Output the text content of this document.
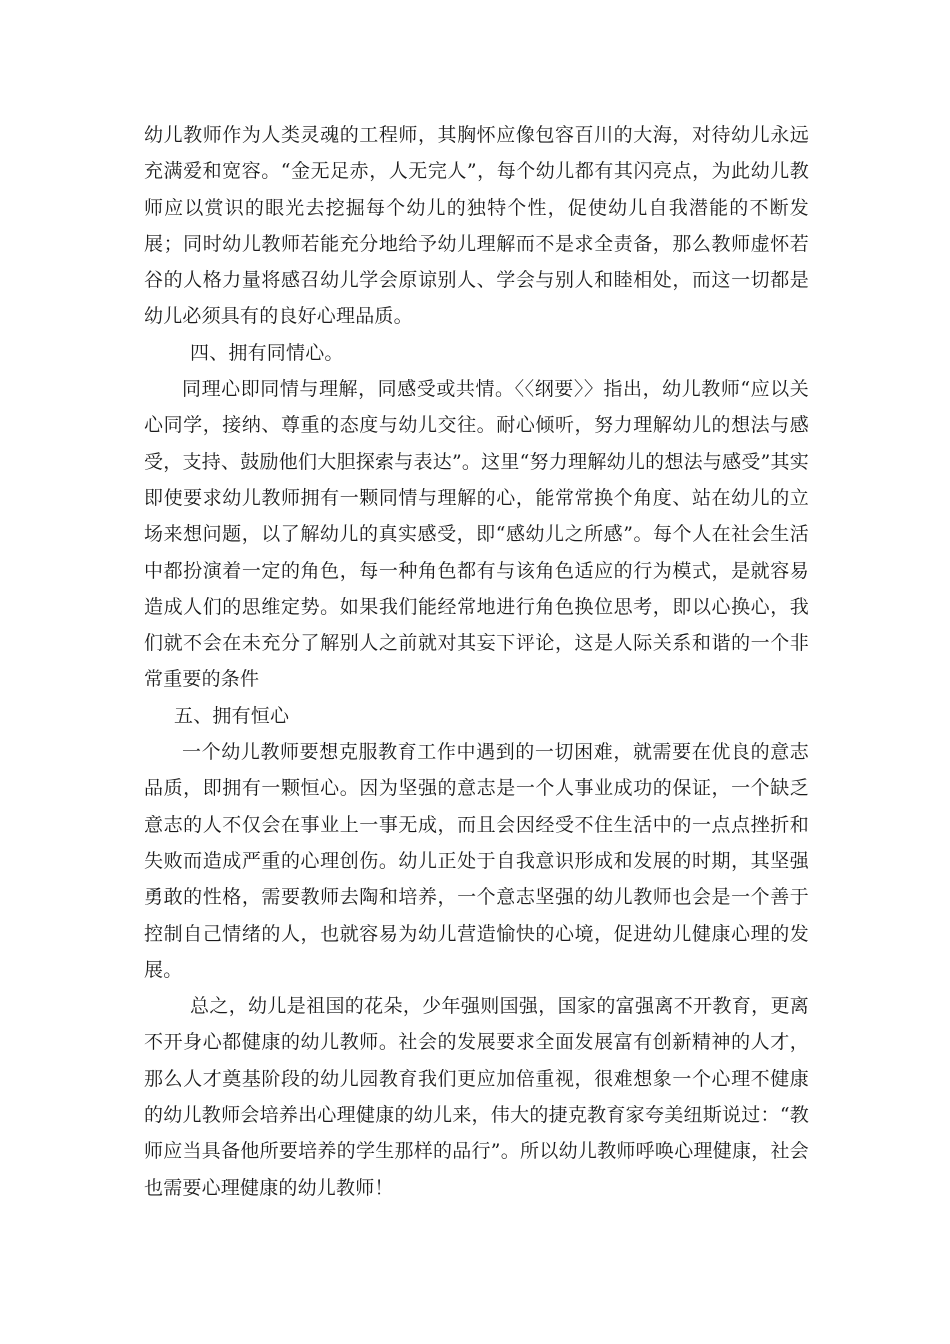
幼儿教师作为人类灵魂的工程师，其胸怀应像包容百川的大海，对待幼儿永远充满爱和宽容。“金无足赤，人无完人”，每个幼儿都有其闪亮点，为此幼儿教师应以赏识的眼光去挖掘每个幼儿的独特个性，促使幼儿自我潜能的不断发展；同时幼儿教师若能充分地给予幼儿理解而不是求全责备，那么教师虚怀若谷的人格力量将感召幼儿学会原谅别人、学会与别人和睦相处，而这一切都是幼儿必须具有的良好心理品质。

四、拥有同情心。

同理心即同情与理解，同感受或共情。〈〈纲要〉〉指出，幼儿教师“应以关心同学，接纳、尊重的态度与幼儿交往。耐心倾听，努力理解幼儿的想法与感受，支持、鼓励他们大胆探索与表达”。这里“努力理解幼儿的想法与感受”其实即使要求幼儿教师拥有一颗同情与理解的心，能常常换个角度、站在幼儿的立场来想问题，以了解幼儿的真实感受，即“感幼儿之所感”。每个人在社会生活中都扮演着一定的角色，每一种角色都有与该角色适应的行为模式，是就容易造成人们的思维定势。如果我们能经常地进行角色换位思考，即以心换心，我们就不会在未充分了解别人之前就对其妄下评论，这是人际关系和谐的一个非常重要的条件

五、拥有恒心

一个幼儿教师要想克服教育工作中遇到的一切困难，就需要在优良的意志品质，即拥有一颗恒心。因为坚强的意志是一个人事业成功的保证，一个缺乏意志的人不仅会在事业上一事无成，而且会因经受不住生活中的一点点挫折和失败而造成严重的心理创伤。幼儿正处于自我意识形成和发展的时期，其坚强勇敢的性格，需要教师去陶和培养，一个意志坚强的幼儿教师也会是一个善于控制自己情绪的人，也就容易为幼儿营造愉快的心境，促进幼儿健康心理的发展。

总之，幼儿是祖国的花朵，少年强则国强，国家的富强离不开教育，更离不开身心都健康的幼儿教师。社会的发展要求全面发展富有创新精神的人才，那么人才奠基阶段的幼儿园教育我们更应加倍重视，很难想象一个心理不健康的幼儿教师会培养出心理健康的幼儿来，伟大的捷克教育家夸美纽斯说过：“教师应当具备他所要培养的学生那样的品行”。所以幼儿教师呼唤心理健康，社会也需要心理健康的幼儿教师！
